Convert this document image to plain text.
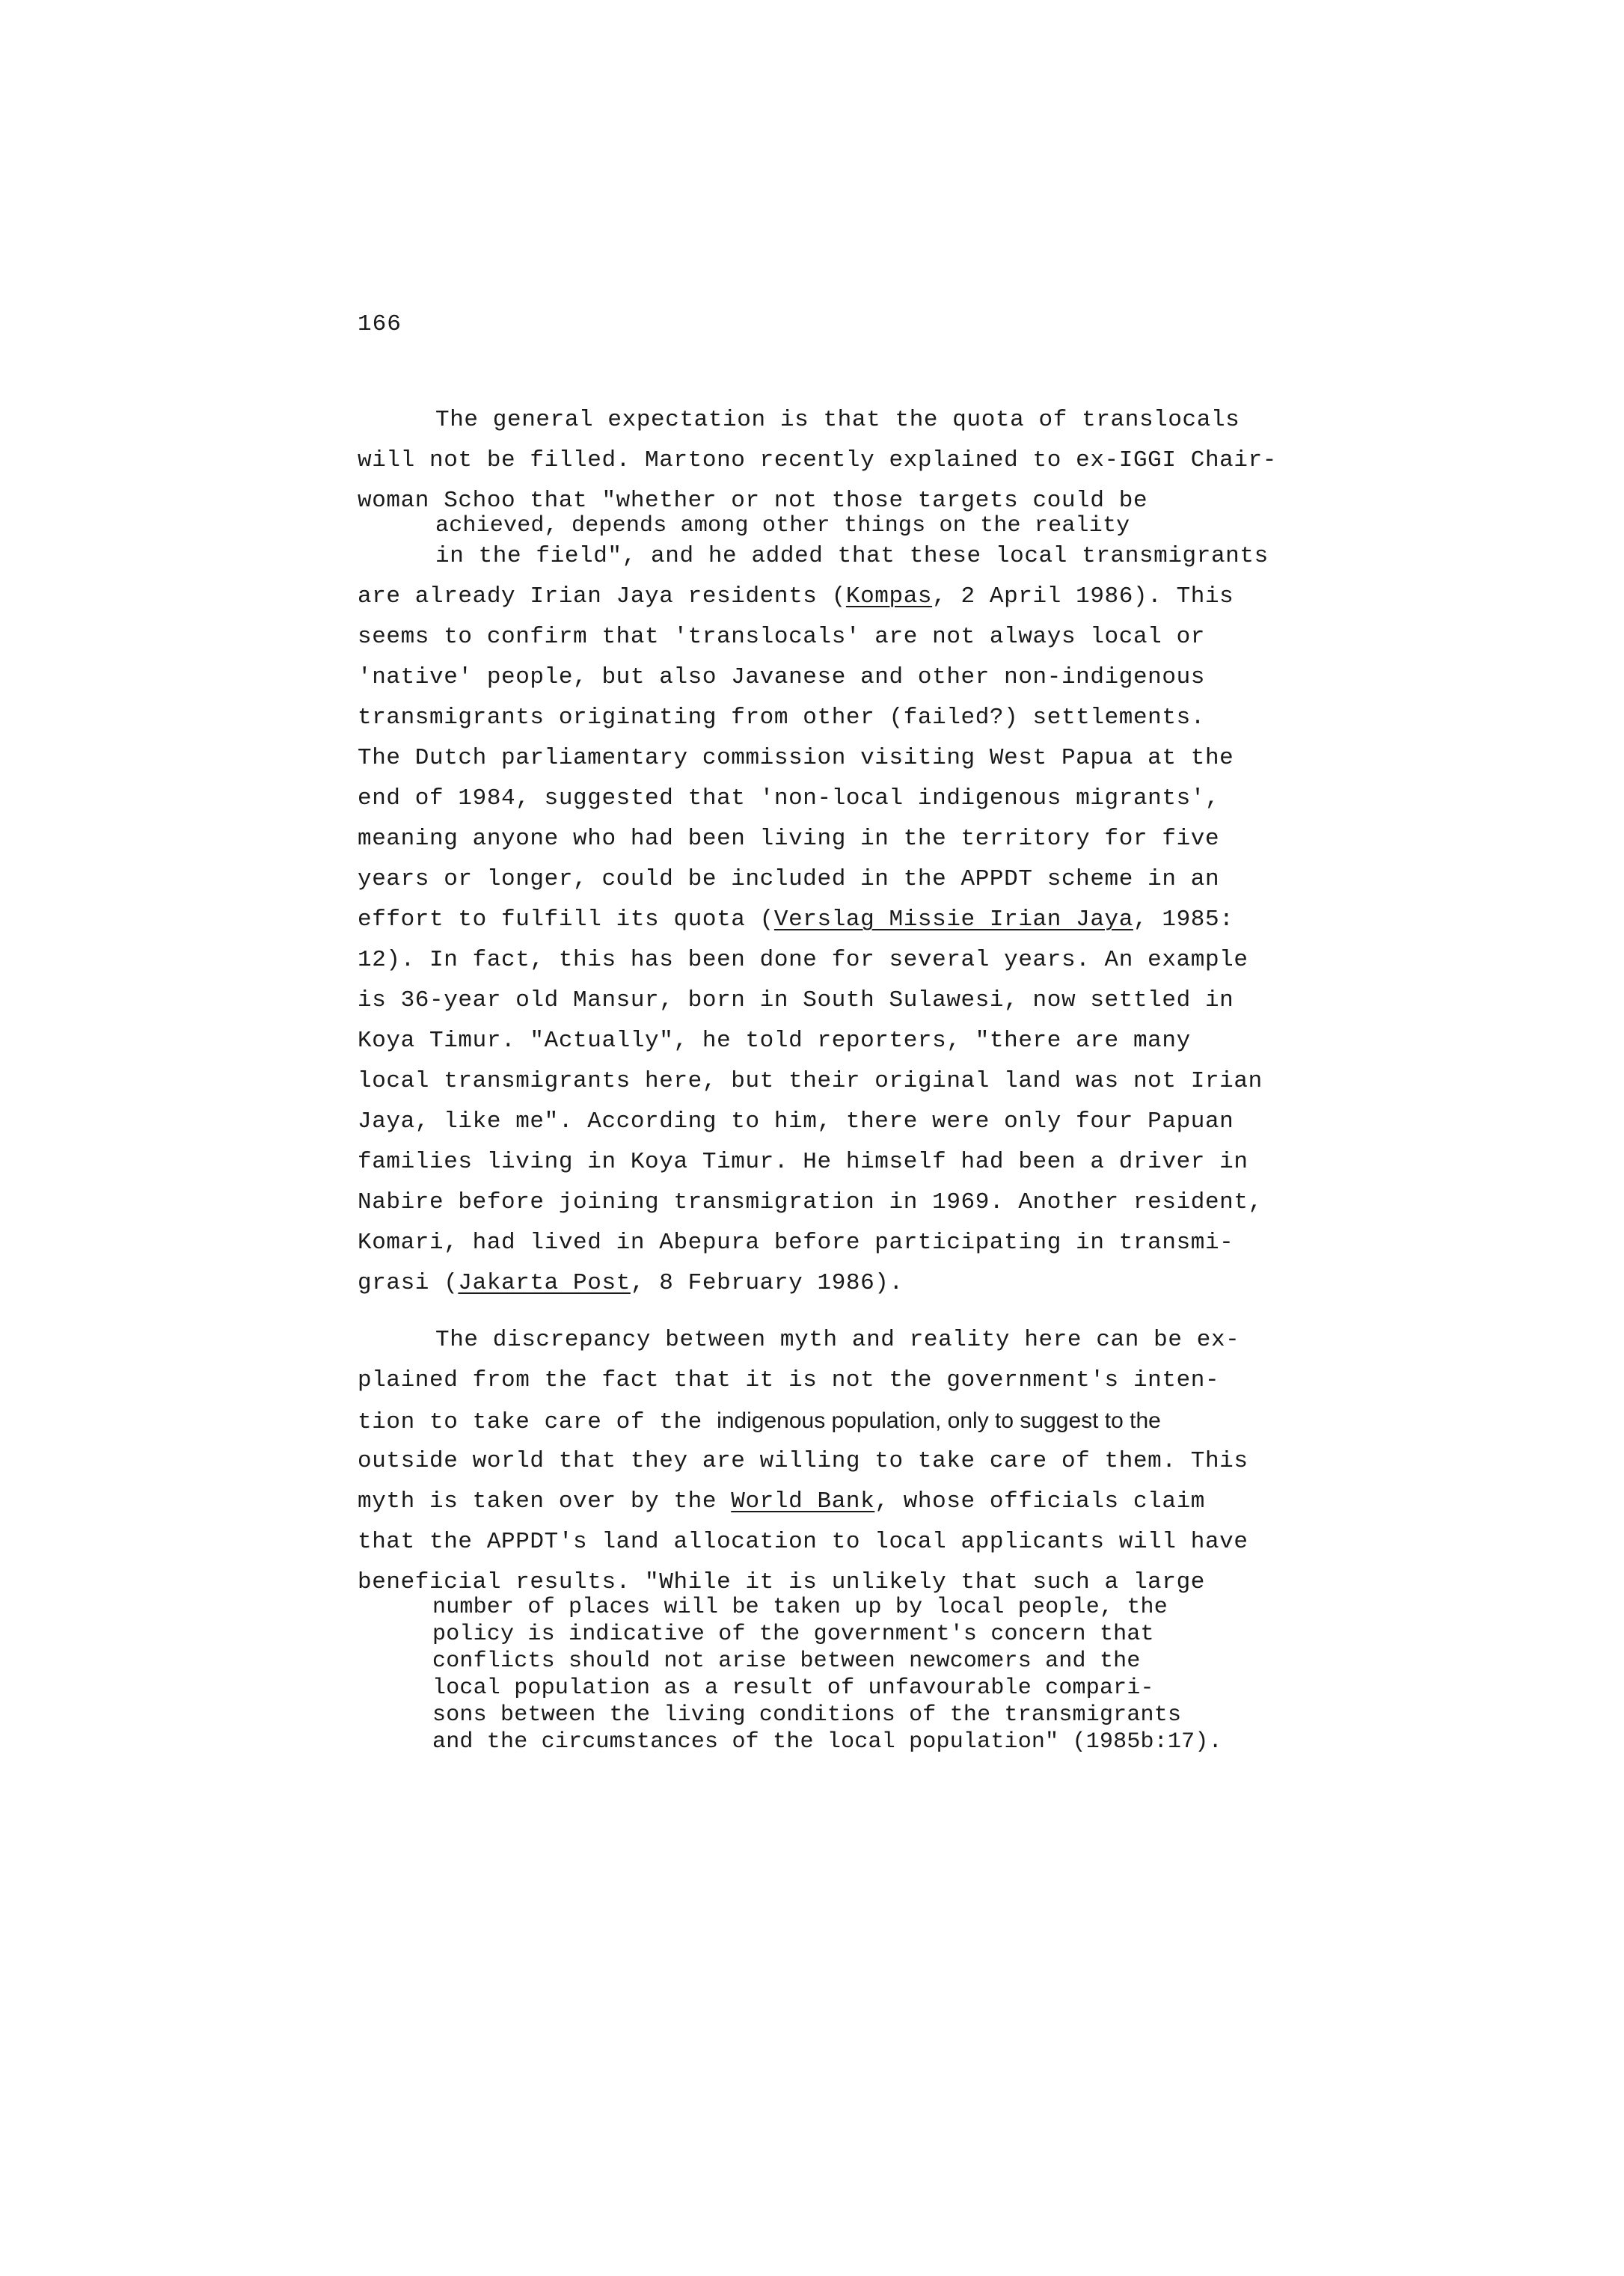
166
The general expectation is that the quota of translocals
will not be filled. Martono recently explained to ex-IGGI Chair-
woman Schoo that "whether or not those targets could be
achieved, depends among other things on the reality
in the field", and he added that these local transmigrants
are already Irian Jaya residents (Kompas, 2 April 1986). This
seems to confirm that 'translocals' are not always local or
'native' people, but also Javanese and other non-indigenous
transmigrants originating from other (failed?) settlements.
The Dutch parliamentary commission visiting West Papua at the
end of 1984, suggested that 'non-local indigenous migrants',
meaning anyone who had been living in the territory for five
years or longer, could be included in the APPDT scheme in an
effort to fulfill its quota (Verslag Missie Irian Jaya, 1985:
12). In fact, this has been done for several years. An example
is 36-year old Mansur, born in South Sulawesi, now settled in
Koya Timur. "Actually", he told reporters, "there are many
local transmigrants here, but their original land was not Irian
Jaya, like me". According to him, there were only four Papuan
families living in Koya Timur. He himself had been a driver in
Nabire before joining transmigration in 1969. Another resident,
Komari, had lived in Abepura before participating in transmi-
grasi (Jakarta Post, 8 February 1986).
The discrepancy between myth and reality here can be ex-
plained from the fact that it is not the government's inten-
tion to take care of the indigenous population, only to suggest to the
outside world that they are willing to take care of them. This
myth is taken over by the World Bank, whose officials claim
that the APPDT's land allocation to local applicants will have
beneficial results. "While it is unlikely that such a large
number of places will be taken up by local people, the
policy is indicative of the government's concern that
conflicts should not arise between newcomers and the
local population as a result of unfavourable compari-
sons between the living conditions of the transmigrants
and the circumstances of the local population" (1985b:17).
